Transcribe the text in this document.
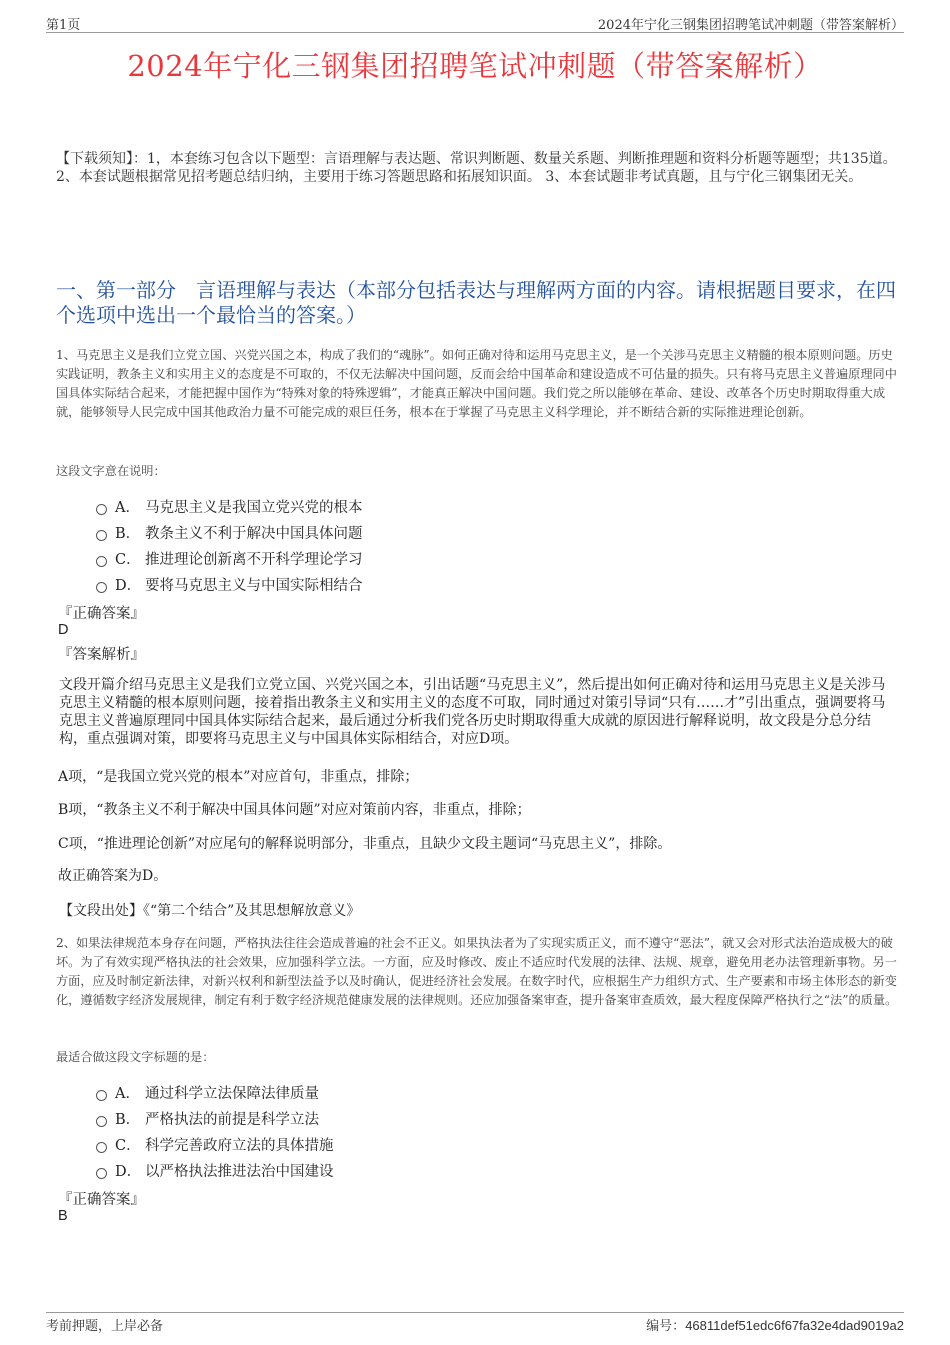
第1页	2024年宁化三钢集团招聘笔试冲刺题（带答案解析）
2024年宁化三钢集团招聘笔试冲刺题（带答案解析）
【下载须知】：1，本套练习包含以下题型：言语理解与表达题、常识判断题、数量关系题、判断推理题和资料分析题等题型；共135道。 2、本套试题根据常见招考题总结归纳，主要用于练习答题思路和拓展知识面。 3、本套试题非考试真题，且与宁化三钢集团无关。
一、第一部分　言语理解与表达（本部分包括表达与理解两方面的内容。请根据题目要求，在四个选项中选出一个最恰当的答案。）
1、马克思主义是我们立党立国、兴党兴国之本，构成了我们的“魂脉”。如何正确对待和运用马克思主义，是一个关涉马克思主义精髓的根本原则问题。历史实践证明，教条主义和实用主义的态度是不可取的，不仅无法解决中国问题，反而会给中国革命和建设造成不可估量的损失。只有将马克思主义普遍原理同中国具体实际结合起来，才能把握中国作为“特殊对象的特殊逻辑”，才能真正解决中国问题。我们党之所以能够在革命、建设、改革各个历史时期取得重大成就，能够领导人民完成中国其他政治力量不可能完成的艰巨任务，根本在于掌握了马克思主义科学理论，并不断结合新的实际推进理论创新。
这段文字意在说明：
A． 马克思主义是我国立党兴党的根本
B． 教条主义不利于解决中国具体问题
C． 推进理论创新离不开科学理论学习
D． 要将马克思主义与中国实际相结合
『正确答案』
D
『答案解析』
文段开篇介绍马克思主义是我们立党立国、兴党兴国之本，引出话题“马克思主义”，然后提出如何正确对待和运用马克思主义是关涉马克思主义精髓的根本原则问题，接着指出教条主义和实用主义的态度不可取，同时通过对策引导词“只有……才”引出重点，强调要将马克思主义普遍原理同中国具体实际结合起来，最后通过分析我们党各历史时期取得重大成就的原因进行解释说明，故文段是分总分结构，重点强调对策，即要将马克思主义与中国具体实际相结合，对应D项。
A项，“是我国立党兴党的根本”对应首句，非重点，排除；
B项，“教条主义不利于解决中国具体问题”对应对策前内容，非重点，排除；
C项，“推进理论创新”对应尾句的解释说明部分，非重点，且缺少文段主题词“马克思主义”，排除。
故正确答案为D。
【文段出处】《“第二个结合”及其思想解放意义》
2、如果法律规范本身存在问题，严格执法往往会造成普遍的社会不正义。如果执法者为了实现实质正义，而不遵守“恶法”，就又会对形式法治造成极大的破坏。为了有效实现严格执法的社会效果，应加强科学立法。一方面，应及时修改、废止不适应时代发展的法律、法规、规章，避免用老办法管理新事物。另一方面，应及时制定新法律，对新兴权利和新型法益予以及时确认，促进经济社会发展。在数字时代，应根据生产力组织方式、生产要素和市场主体形态的新变化，遵循数字经济发展规律，制定有利于数字经济规范健康发展的法律规则。还应加强备案审查，提升备案审查质效，最大程度保障严格执行之“法”的质量。
最适合做这段文字标题的是：
A． 通过科学立法保障法律质量
B． 严格执法的前提是科学立法
C． 科学完善政府立法的具体措施
D． 以严格执法推进法治中国建设
『正确答案』
B
考前押题，上岸必备	编号：46811def51edc6f67fa32e4dad9019a2
